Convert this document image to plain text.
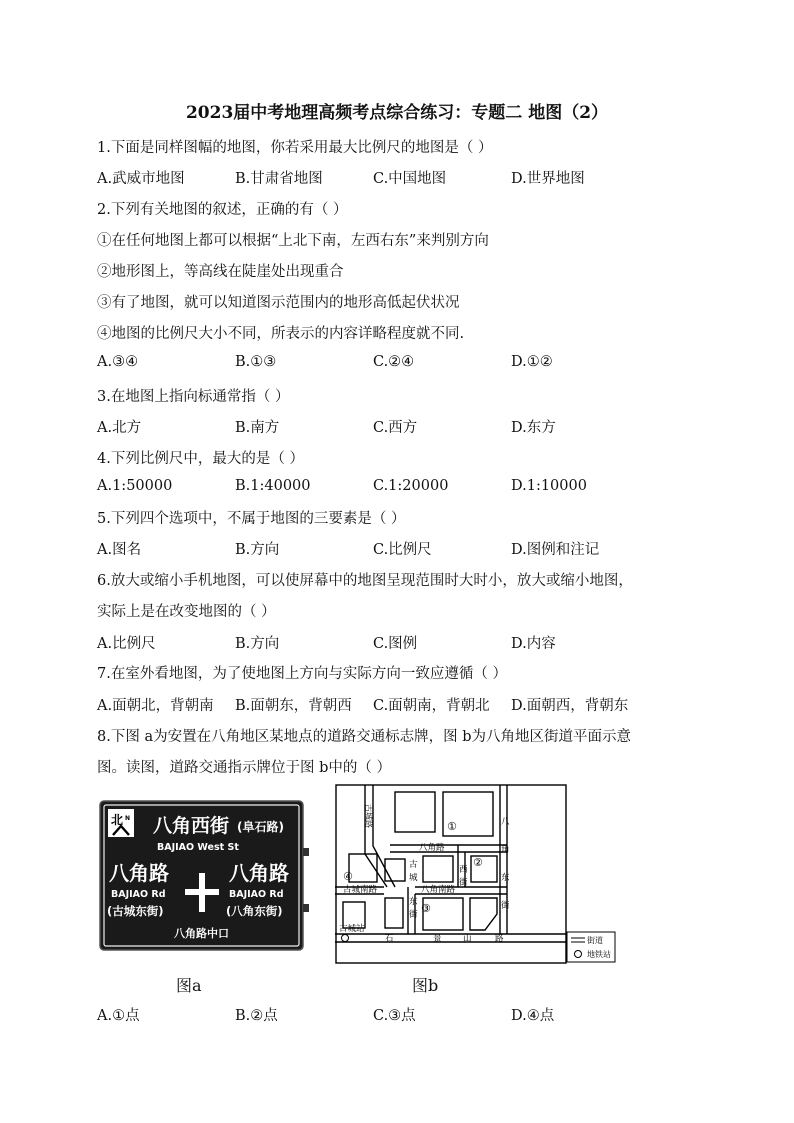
2023届中考地理高频考点综合练习：专题二 地图（2）
1.下面是同样图幅的地图，你若采用最大比例尺的地图是（ ）
A.武威市地图	B.甘肃省地图	C.中国地图	D.世界地图
2.下列有关地图的叙述，正确的有（ ）
①在任何地图上都可以根据“上北下南，左西右东”来判别方向
②地形图上，等高线在陡崖处出现重合
③有了地图，就可以知道图示范围内的地形高低起伏状况
④地图的比例尺大小不同，所表示的内容详略程度就不同.
A.③④	B.①③	C.②④	D.①②
3.在地图上指向标通常指（ ）
A.北方	B.南方	C.西方	D.东方
4.下列比例尺中，最大的是（ ）
A.1:50000	B.1:40000	C.1:20000	D.1:10000
5.下列四个选项中，不属于地图的三要素是（ ）
A.图名	B.方向	C.比例尺	D.图例和注记
6.放大或缩小手机地图，可以使屏幕中的地图呈现范围时大时小，放大或缩小地图，
实际上是在改变地图的（ ）
A.比例尺	B.方向	C.图例	D.内容
7.在室外看地图，为了使地图上方向与实际方向一致应遵循（ ）
A.面朝北，背朝南 B.面朝东，背朝西 C.面朝南，背朝北 D.面朝西，背朝东
8.下图 a为安置在八角地区某地点的道路交通标志牌，图 b为八角地区街道平面示意
图。读图，道路交通指示牌位于图 b中的（ ）
北 N 八角西街 (阜石路)
BAJIAO West St
八角路
BAJIAO Rd
(古城东街)
八角路
BAJIAO Rd
(八角东街)
八角路中口
图a
古城路
八角路
西
街
八
角
东
街
古城南路	八角南路
古城站
古
城
东
街
石	景	山	路
①
②
③
④
街道
地铁站
图b
A.①点	B.②点	C.③点	D.④点
